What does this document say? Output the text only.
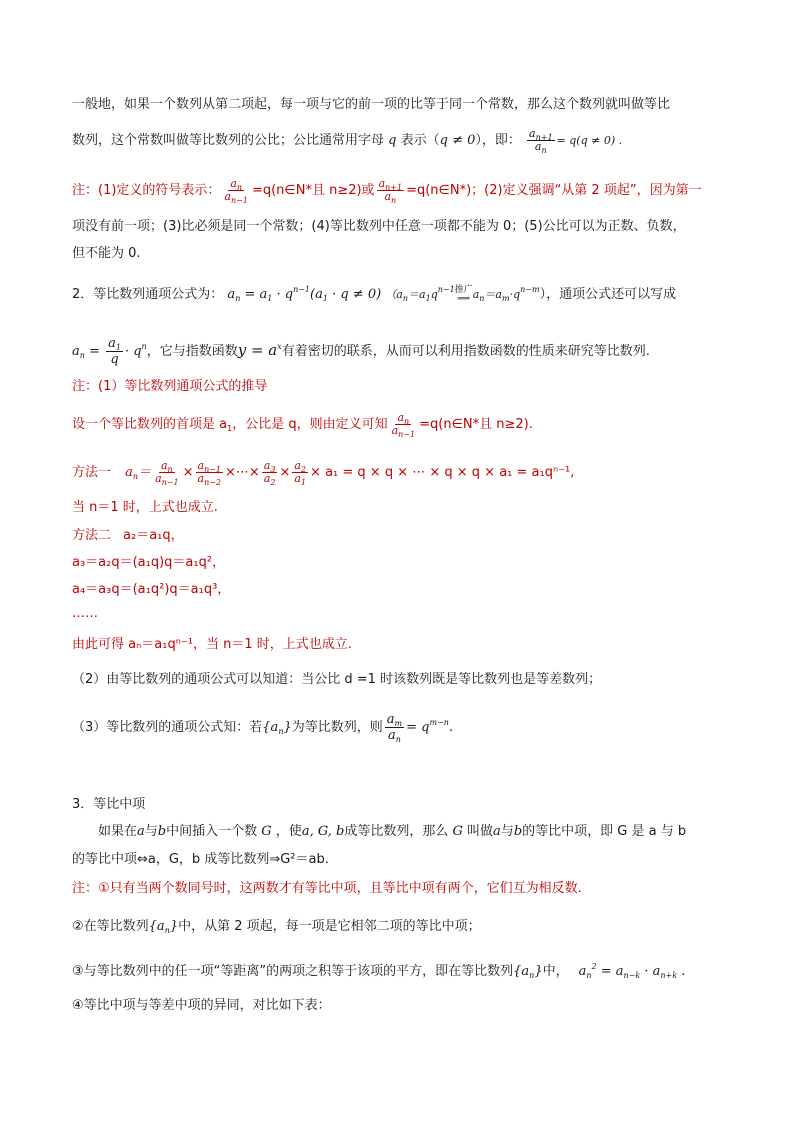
一般地，如果一个数列从第二项起，每一项与它的前一项的比等于同一个常数，那么这个数列就叫做等比
数列，这个常数叫做等比数列的公比；公比通常用字母 q 表示（q ≠ 0），即： $\frac{a_{n+1}}{a_n} = q(q \ne 0)$ .
注：(1)定义的符号表示： $\frac{a_n}{a_{n-1}}$ =q(n∈N*且 n≥2)或 $\frac{a_{n+1}}{a_n}$ =q(n∈N*)；(2)定义强调“从第 2 项起”，因为第一
项没有前一项；(3)比必须是同一个常数；(4)等比数列中任意一项都不能为 0；(5)公比可以为正数、负数，
但不能为 0.
2．等比数列通项公式为： $a_n = a_1 \cdot q^{n-1}(a_1 \cdot q \ne 0)$ （$a_n=a_1q^{n-1}$ 推广
⟹ $a_n=a_m\cdot q^{n-m}$），通项公式还可以写成
$a_n = \frac{a_1}{q} \cdot q^n$，它与指数函数$y = a^x$有着密切的联系，从而可以利用指数函数的性质来研究等比数列.
注：(1）等比数列通项公式的推导
设一个等比数列的首项是 $a_1$，公比是 q，则由定义可知 $\frac{a_n}{a_{n-1}}$ =q(n∈N*且 n≥2).
方法一 $a_n= \frac{a_n}{a_{n-1}} \times \frac{a_{n-1}}{a_{n-2}}$ ×⋯× $\frac{a_3}{a_2} \times \frac{a_2}{a_1} \times a_1 = q \times q$ × ⋯ × q × q × a₁ = a₁qⁿ⁻¹,
当 n＝1 时，上式也成立.
方法二 a₂＝a₁q，
a₃＝a₂q＝(a₁q)q＝a₁q²，
a₄＝a₃q＝(a₁q²)q＝a₁q³，
……
由此可得 aₙ＝a₁qⁿ⁻¹，当 n＝1 时，上式也成立.
（2）由等比数列的通项公式可以知道：当公比 d =1 时该数列既是等比数列也是等差数列；
（3）等比数列的通项公式知：若$\{a_n\}$为等比数列，则 $\frac{a_m}{a_n} = q^{m-n}$.
3．等比中项
如果在a与b中间插入一个数 G ，使a, G, b成等比数列，那么 G 叫做a与b的等比中项，即 G 是 a 与 b
的等比中项⇔a，G，b 成等比数列⇒G²＝ab.
注：①只有当两个数同号时，这两数才有等比中项，且等比中项有两个，它们互为相反数.
②在等比数列$\{a_n\}$中，从第 2 项起，每一项是它相邻二项的等比中项；
③与等比数列中的任一项“等距离”的两项之积等于该项的平方，即在等比数列$\{a_n\}$中， $a_n^2 = a_{n-k} \cdot a_{n+k}$ .
④等比中项与等差中项的异同，对比如下表：
